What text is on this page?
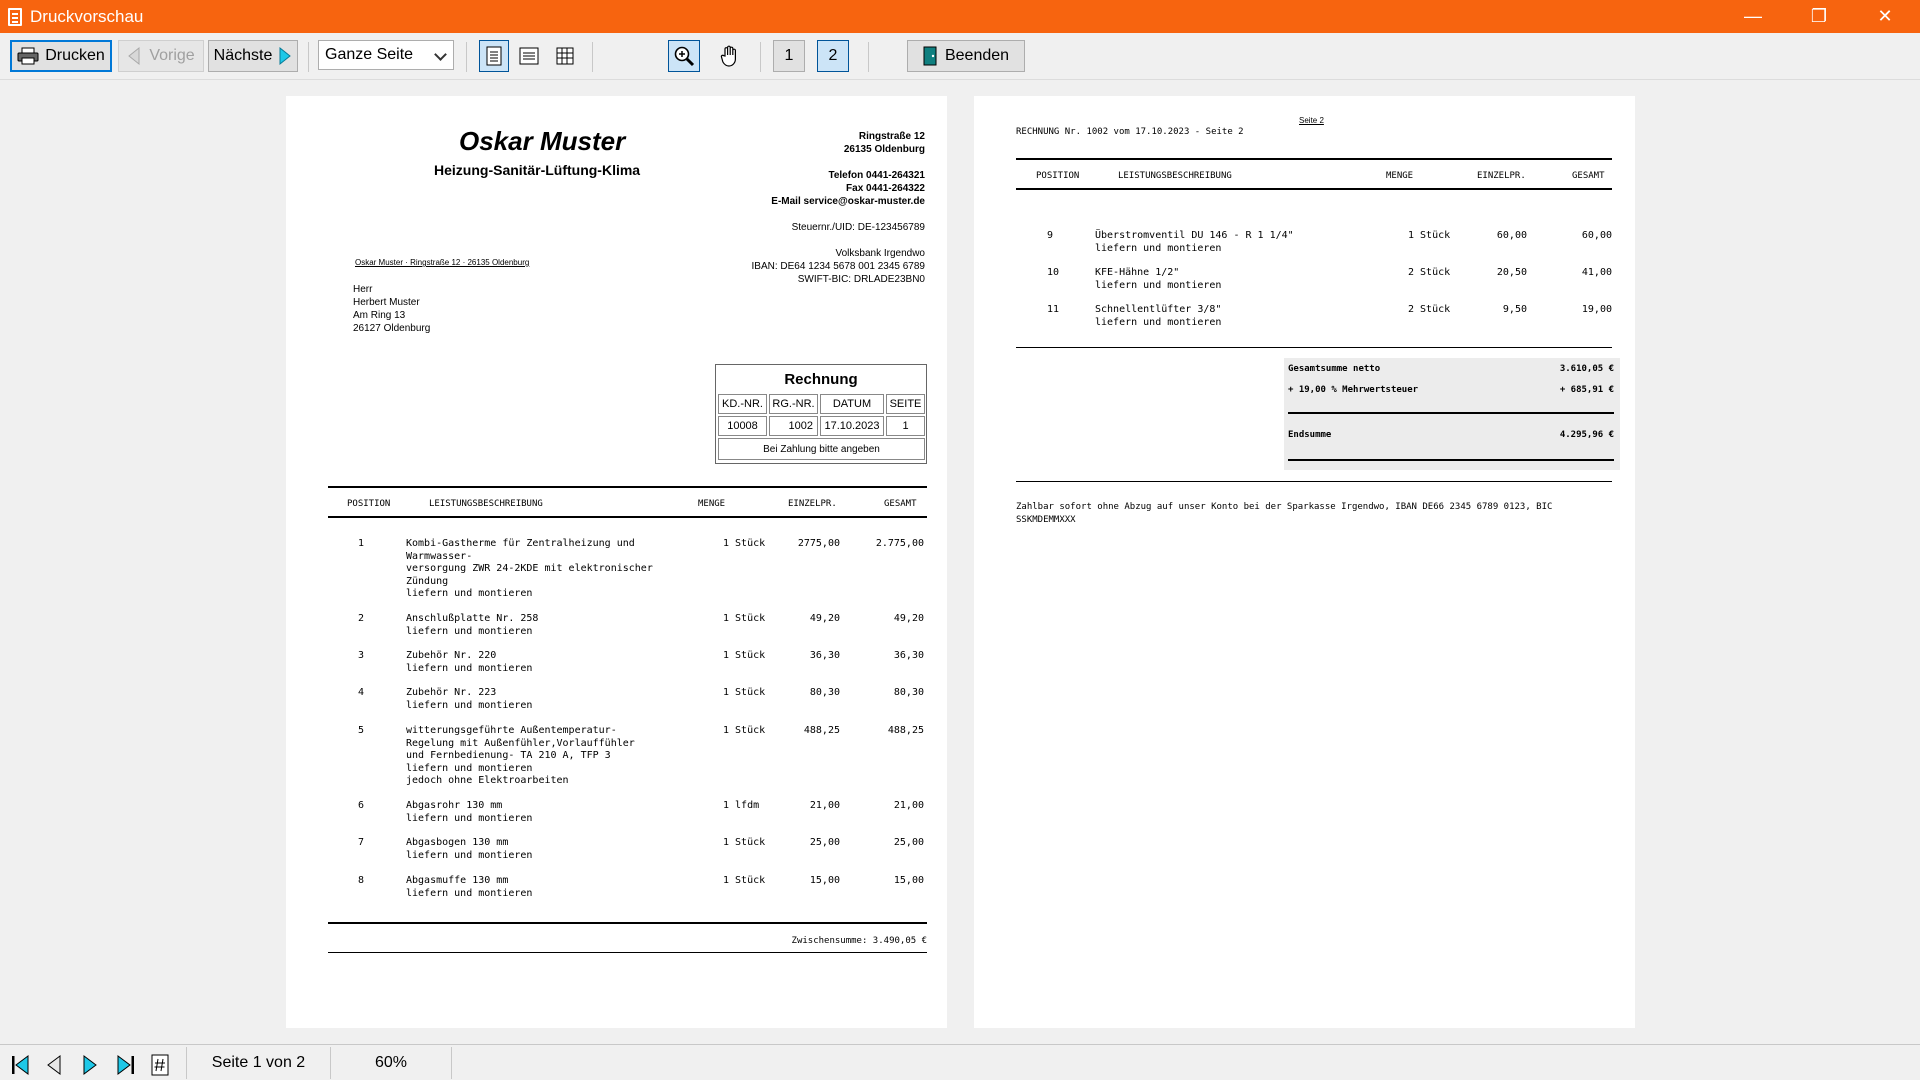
Druckvorschau	—	❐	✕
Drucken	Vorige Nächste	1	2	Beenden
Ganze Seite
Oskar Muster
Heizung-Sanitär-Lüftung-Klima
Ringstraße 12
26135 Oldenburg
Telefon 0441-264321
Fax 0441-264322
E-Mail service@oskar-muster.de
Steuernr./UID: DE-123456789
Volksbank Irgendwo
IBAN: DE64 1234 5678 001 2345 6789
SWIFT-BIC: DRLADE23BN0
Oskar Muster · Ringstraße 12 · 26135 Oldenburg
Herr
Herbert Muster
Am Ring 13
26127 Oldenburg
Rechnung
KD.-NR. RG.-NR.	DATUM	SEITE
10008	1002	17.10.2023	1
Bei Zahlung bitte angeben
POSITION	LEISTUNGSBESCHREIBUNG	MENGE	EINZELPR.	GESAMT
1	Kombi-Gastherme für Zentralheizung und
Warmwasser-
versorgung ZWR 24-2KDE mit elektronischer
Zündung
liefern und montieren
1 Stück	2775,00	2.775,00
2	Anschlußplatte Nr. 258
liefern und montieren
1 Stück	49,20	49,20
3	Zubehör Nr. 220
liefern und montieren
1 Stück	36,30	36,30
4	Zubehör Nr. 223
liefern und montieren
1 Stück	80,30	80,30
5	witterungsgeführte Außentemperatur-
Regelung mit Außenfühler,Vorlauffühler
und Fernbedienung- TA 210 A, TFP 3
liefern und montieren
jedoch ohne Elektroarbeiten
1 Stück	488,25	488,25
6	Abgasrohr 130 mm
liefern und montieren
1 lfdm	21,00	21,00
7	Abgasbogen 130 mm
liefern und montieren
1 Stück	25,00	25,00
8	Abgasmuffe 130 mm
liefern und montieren
1 Stück	15,00	15,00
Zwischensumme: 3.490,05 €
Seite 2
RECHNUNG Nr. 1002 vom 17.10.2023 - Seite 2
POSITION	LEISTUNGSBESCHREIBUNG	MENGE	EINZELPR.	GESAMT
9	Überstromventil DU 146 - R 1 1/4"
liefern und montieren
1 Stück	60,00	60,00
10	KFE-Hähne 1/2"
liefern und montieren
2 Stück	20,50	41,00
11	Schnellentlüfter 3/8"
liefern und montieren
2 Stück	9,50	19,00
Gesamtsumme netto	3.610,05 €
+ 19,00 % Mehrwertsteuer	+ 685,91 €
Endsumme	4.295,96 €
Zahlbar sofort ohne Abzug auf unser Konto bei der Sparkasse Irgendwo, IBAN DE66 2345 6789 0123, BIC
SSKMDEMMXXX
Seite 1 von 2	60%
